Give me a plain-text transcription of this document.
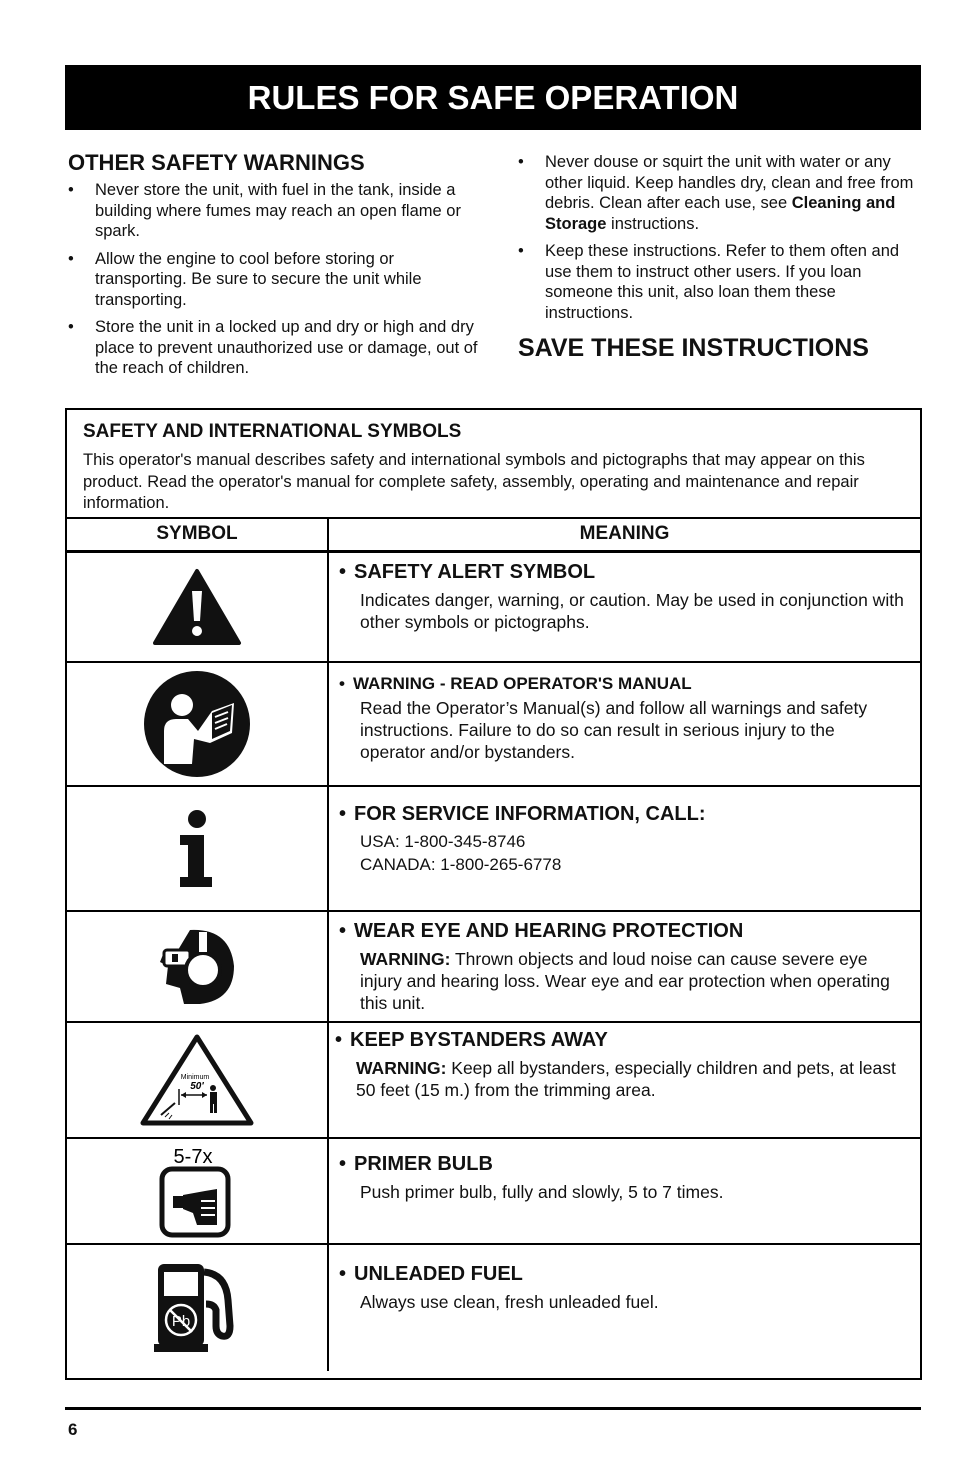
RULES FOR SAFE OPERATION
OTHER SAFETY WARNINGS
• Never store the unit, with fuel in the tank, inside a building where fumes may reach an open flame or spark.
• Allow the engine to cool before storing or transporting. Be sure to secure the unit while transporting.
• Store the unit in a locked up and dry or high and dry place to prevent unauthorized use or damage, out of the reach of children.
• Never douse or squirt the unit with water or any other liquid. Keep handles dry, clean and free from debris. Clean after each use, see Cleaning and Storage instructions.
• Keep these instructions. Refer to them often and use them to instruct other users. If you loan someone this unit, also loan them these instructions.
SAVE THESE INSTRUCTIONS
SAFETY AND INTERNATIONAL SYMBOLS
This operator's manual describes safety and international symbols and pictographs that may appear on this product. Read the operator's manual for complete safety, assembly, operating and maintenance and repair information.
SYMBOL	MEANING
• SAFETY ALERT SYMBOL
Indicates danger, warning, or caution. May be used in conjunction with other symbols or pictographs.
• WARNING - READ OPERATOR'S MANUAL
Read the Operator’s Manual(s) and follow all warnings and safety instructions. Failure to do so can result in serious injury to the operator and/or bystanders.
• FOR SERVICE INFORMATION, CALL:
USA: 1-800-345-8746
CANADA: 1-800-265-6778
• WEAR EYE AND HEARING PROTECTION
WARNING: Thrown objects and loud noise can cause severe eye injury and hearing loss. Wear eye and ear protection when operating this unit.
Minimum
50'
• KEEP BYSTANDERS AWAY
WARNING: Keep all bystanders, especially children and pets, at least 50 feet (15 m.) from the trimming area.
5-7x	• PRIMER BULB
Push primer bulb, fully and slowly, 5 to 7 times.
Pb
• UNLEADED FUEL
Always use clean, fresh unleaded fuel.
6
